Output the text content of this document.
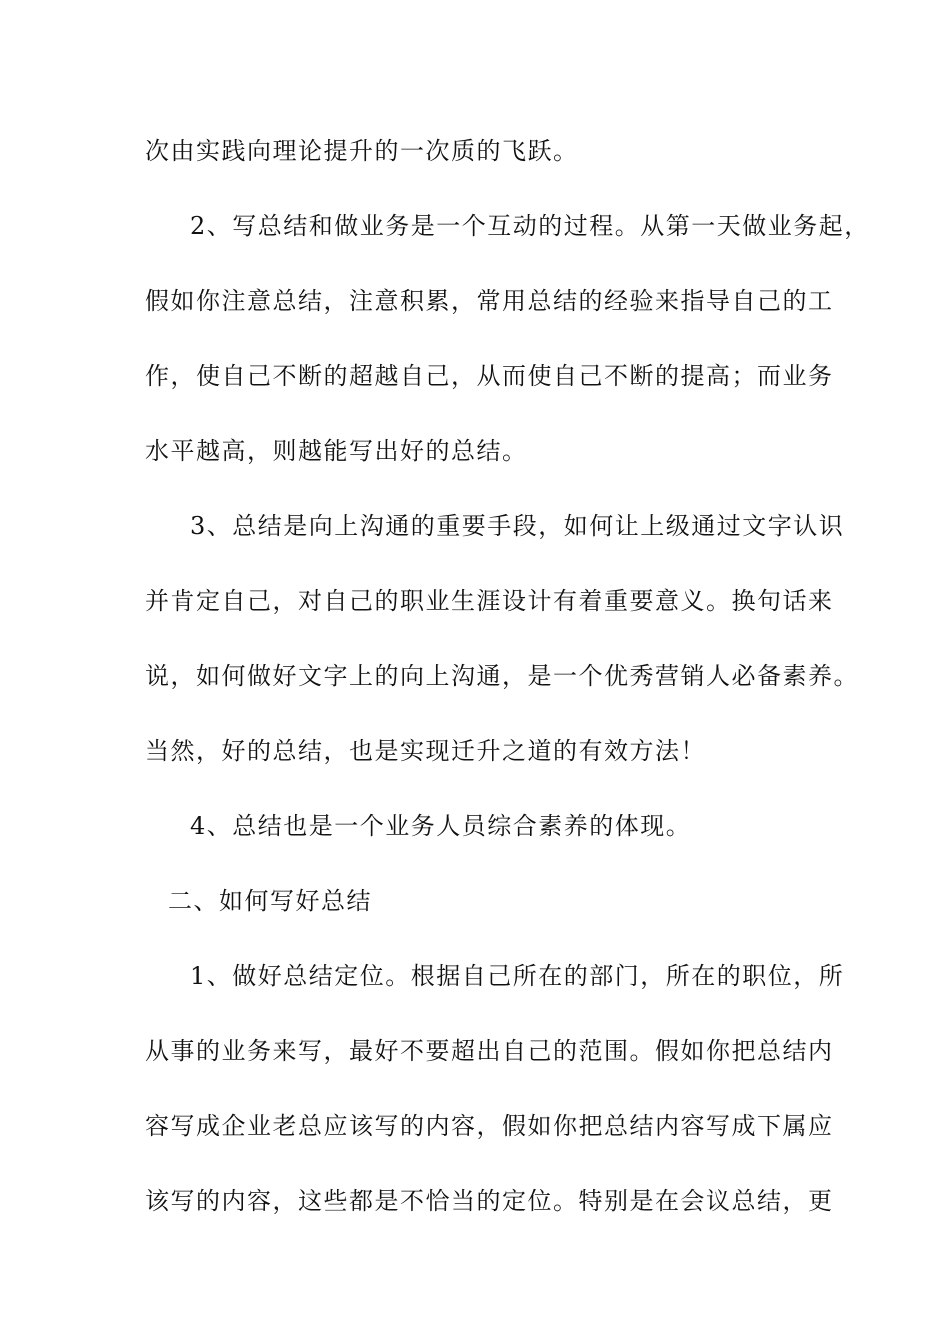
次由实践向理论提升的一次质的飞跃。
2、写总结和做业务是一个互动的过程。从第一天做业务起，
假如你注意总结，注意积累，常用总结的经验来指导自己的工
作，使自己不断的超越自己，从而使自己不断的提高；而业务
水平越高，则越能写出好的总结。
3、总结是向上沟通的重要手段，如何让上级通过文字认识
并肯定自己，对自己的职业生涯设计有着重要意义。换句话来
说，如何做好文字上的向上沟通，是一个优秀营销人必备素养。
当然，好的总结，也是实现迁升之道的有效方法！
4、总结也是一个业务人员综合素养的体现。
二、如何写好总结
1、做好总结定位。根据自己所在的部门，所在的职位，所
从事的业务来写，最好不要超出自己的范围。假如你把总结内
容写成企业老总应该写的内容，假如你把总结内容写成下属应
该写的内容，这些都是不恰当的定位。特别是在会议总结，更
